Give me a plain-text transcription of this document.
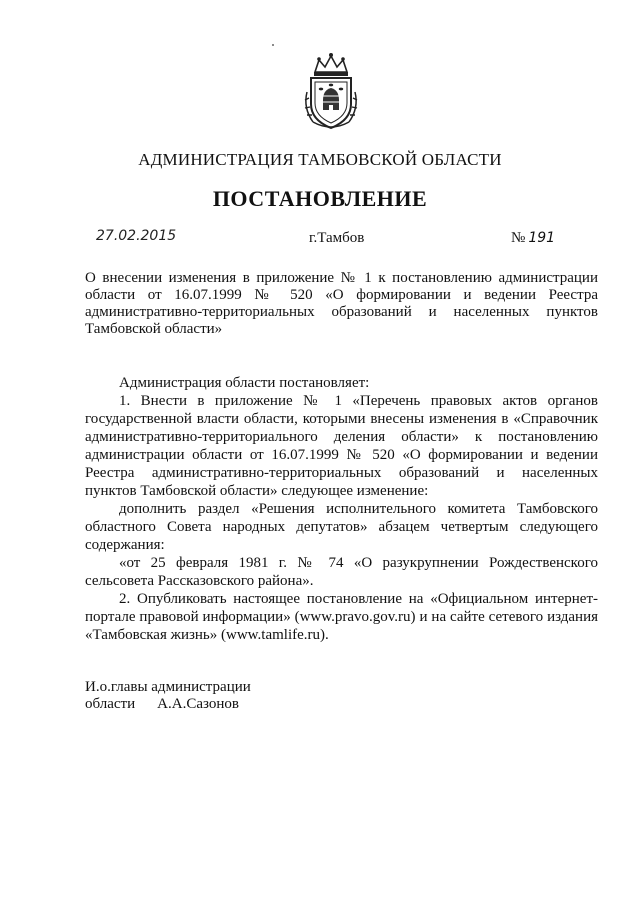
АДМИНИСТРАЦИЯ ТАМБОВСКОЙ ОБЛАСТИ
ПОСТАНОВЛЕНИЕ
27.02.2015	г.Тамбов	№ 191
О внесении изменения в приложение № 1 к постановлению администрации области от 16.07.1999 № 520 «О формировании и ведении Реестра административно-территориальных образований и населенных пунктов Тамбовской области»

Администрация области постановляет:

1. Внести в приложение № 1 «Перечень правовых актов органов государственной власти области, которыми внесены изменения в «Справочник административно-территориального деления области» к постановлению администрации области от 16.07.1999 № 520 «О формировании и ведении Реестра административно-территориальных образований и населенных пунктов Тамбовской области» следующее изменение:

дополнить раздел «Решения исполнительного комитета Тамбовского областного Совета народных депутатов» абзацем четвертым следующего содержания:

«от 25 февраля 1981 г. № 74 «О разукрупнении Рождественского сельсовета Рассказовского района».

2. Опубликовать настоящее постановление на «Официальном интернет-портале правовой информации» (www.pravo.gov.ru) и на сайте сетевого издания «Тамбовская жизнь» (www.tamlife.ru).

И.о.главы администрации
области А.А.Сазонов
